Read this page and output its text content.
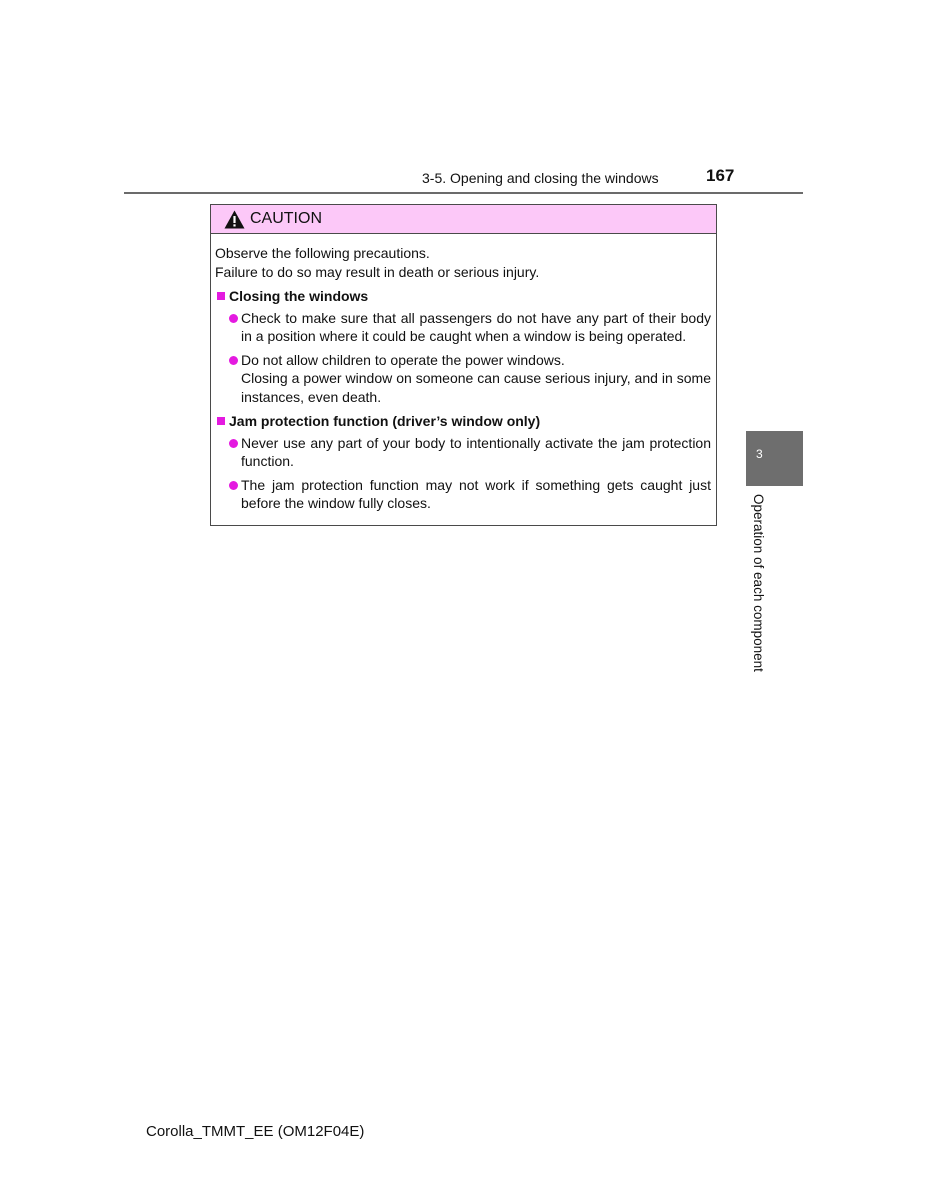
3-5. Opening and closing the windows	167
CAUTION
Observe the following precautions.
Failure to do so may result in death or serious injury.
Closing the windows
Check to make sure that all passengers do not have any part of their body in a position where it could be caught when a window is being operated.
Do not allow children to operate the power windows.
Closing a power window on someone can cause serious injury, and in some instances, even death.
Jam protection function (driver’s window only)
Never use any part of your body to intentionally activate the jam protection function.
The jam protection function may not work if something gets caught just before the window fully closes.
3
Operation of each component
Corolla_TMMT_EE (OM12F04E)
